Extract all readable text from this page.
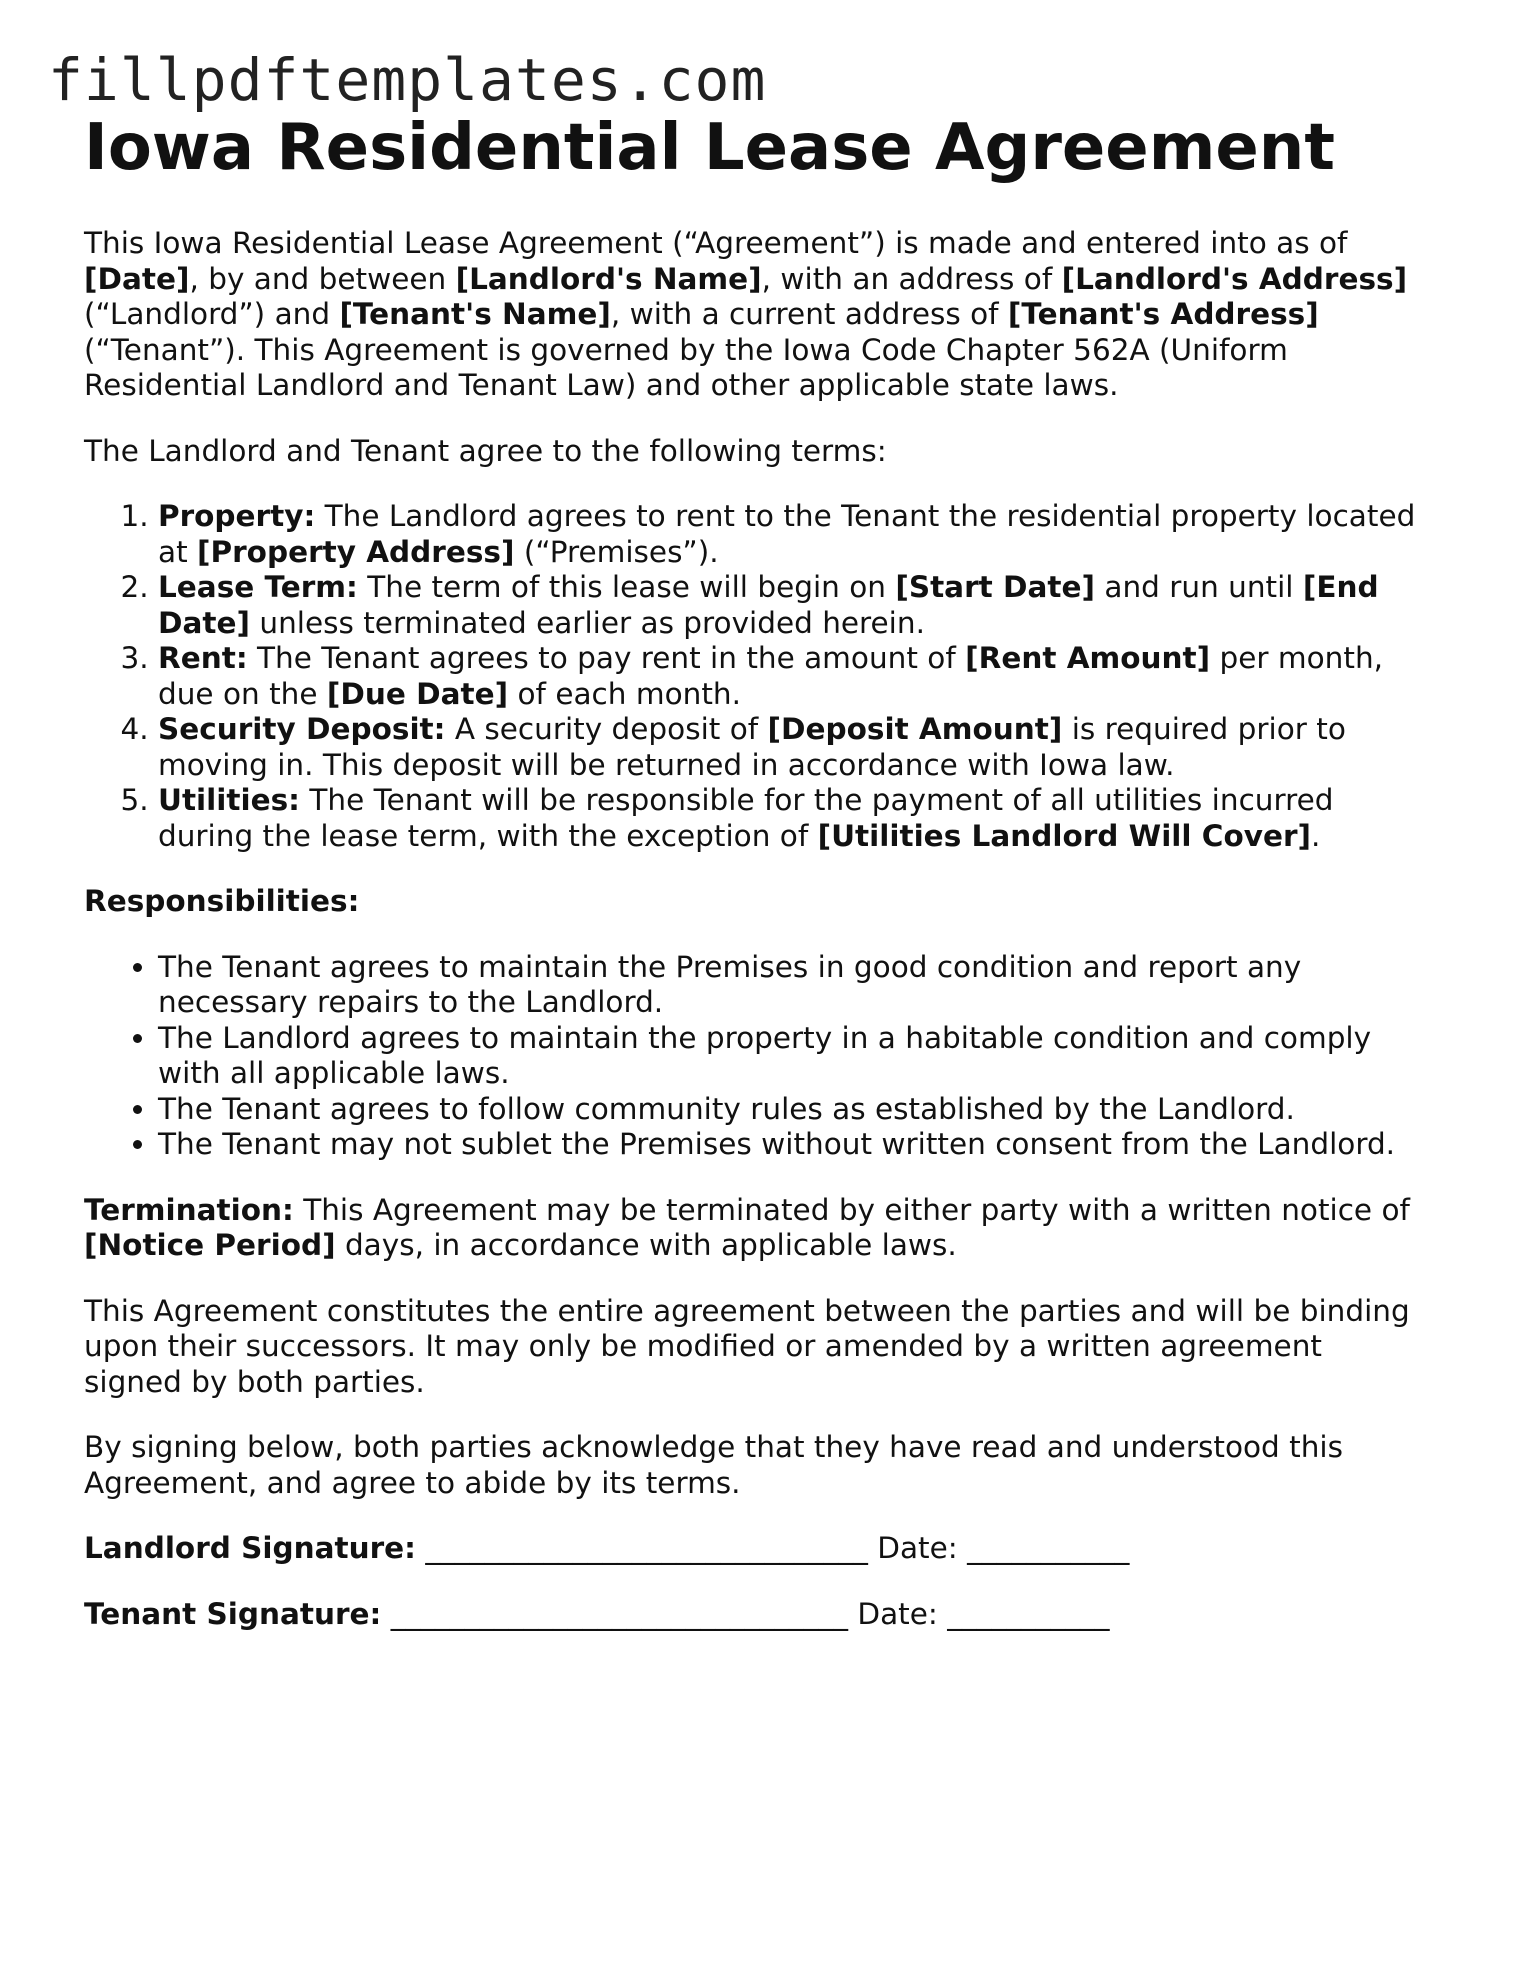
fillpdftemplates.com
Iowa Residential Lease Agreement

This Iowa Residential Lease Agreement (“Agreement”) is made and entered into as of [Date], by and between [Landlord's Name], with an address of [Landlord's Address] (“Landlord”) and [Tenant's Name], with a current address of [Tenant's Address] (“Tenant”). This Agreement is governed by the Iowa Code Chapter 562A (Uniform Residential Landlord and Tenant Law) and other applicable state laws.

The Landlord and Tenant agree to the following terms:

1. Property: The Landlord agrees to rent to the Tenant the residential property located at [Property Address] (“Premises”).
2. Lease Term: The term of this lease will begin on [Start Date] and run until [End Date] unless terminated earlier as provided herein.
3. Rent: The Tenant agrees to pay rent in the amount of [Rent Amount] per month, due on the [Due Date] of each month.
4. Security Deposit: A security deposit of [Deposit Amount] is required prior to moving in. This deposit will be returned in accordance with Iowa law.
5. Utilities: The Tenant will be responsible for the payment of all utilities incurred during the lease term, with the exception of [Utilities Landlord Will Cover].

Responsibilities:

• The Tenant agrees to maintain the Premises in good condition and report any necessary repairs to the Landlord.
• The Landlord agrees to maintain the property in a habitable condition and comply with all applicable laws.
• The Tenant agrees to follow community rules as established by the Landlord.
• The Tenant may not sublet the Premises without written consent from the Landlord.

Termination: This Agreement may be terminated by either party with a written notice of [Notice Period] days, in accordance with applicable laws.

This Agreement constitutes the entire agreement between the parties and will be binding upon their successors. It may only be modified or amended by a written agreement signed by both parties.

By signing below, both parties acknowledge that they have read and understood this Agreement, and agree to abide by its terms.

Landlord Signature: ______________________________ Date: ___________

Tenant Signature: _______________________________ Date: ___________
